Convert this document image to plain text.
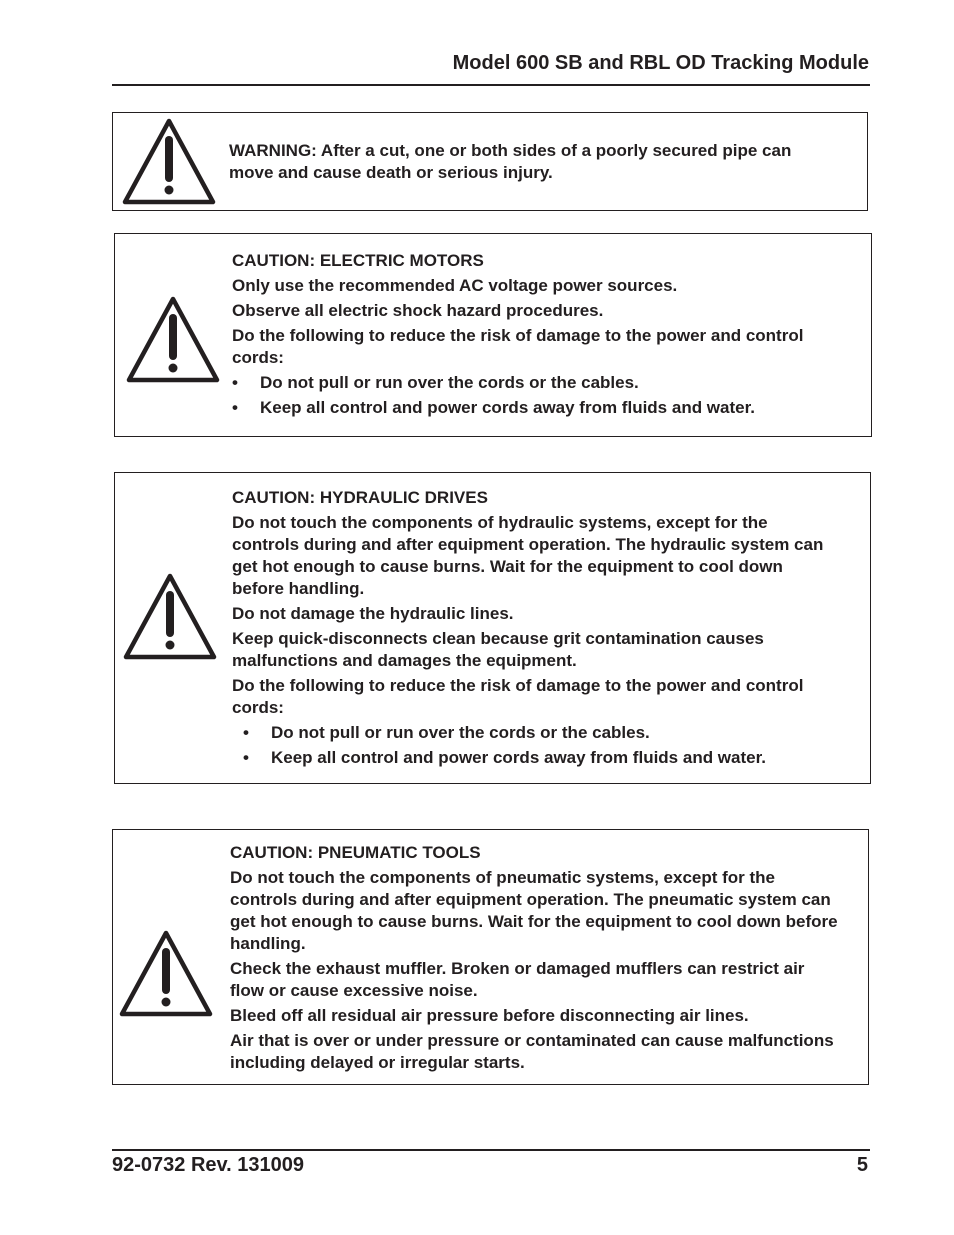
Model 600 SB and RBL OD Tracking Module
WARNING: After a cut, one or both sides of a poorly secured pipe can move and cause death or serious injury.

CAUTION: ELECTRIC MOTORS

Only use the recommended AC voltage power sources.

Observe all electric shock hazard procedures.

Do the following to reduce the risk of damage to the power and control cords:

•	Do not pull or run over the cords or the cables.
•	Keep all control and power cords away from fluids and water.

CAUTION: HYDRAULIC DRIVES

Do not touch the components of hydraulic systems, except for the controls during and after equipment operation. The hydraulic system can get hot enough to cause burns. Wait for the equipment to cool down before handling.

Do not damage the hydraulic lines.

Keep quick-disconnects clean because grit contamination causes malfunctions and damages the equipment.

Do the following to reduce the risk of damage to the power and control cords:

•	Do not pull or run over the cords or the cables.
•	Keep all control and power cords away from fluids and water.

CAUTION: PNEUMATIC TOOLS

Do not touch the components of pneumatic systems, except for the controls during and after equipment operation. The pneumatic system can get hot enough to cause burns. Wait for the equipment to cool down before handling.

Check the exhaust muffler. Broken or damaged mufflers can restrict air flow or cause excessive noise.

Bleed off all residual air pressure before disconnecting air lines.

Air that is over or under pressure or contaminated can cause malfunctions including delayed or irregular starts.

92-0732 Rev. 131009	5
